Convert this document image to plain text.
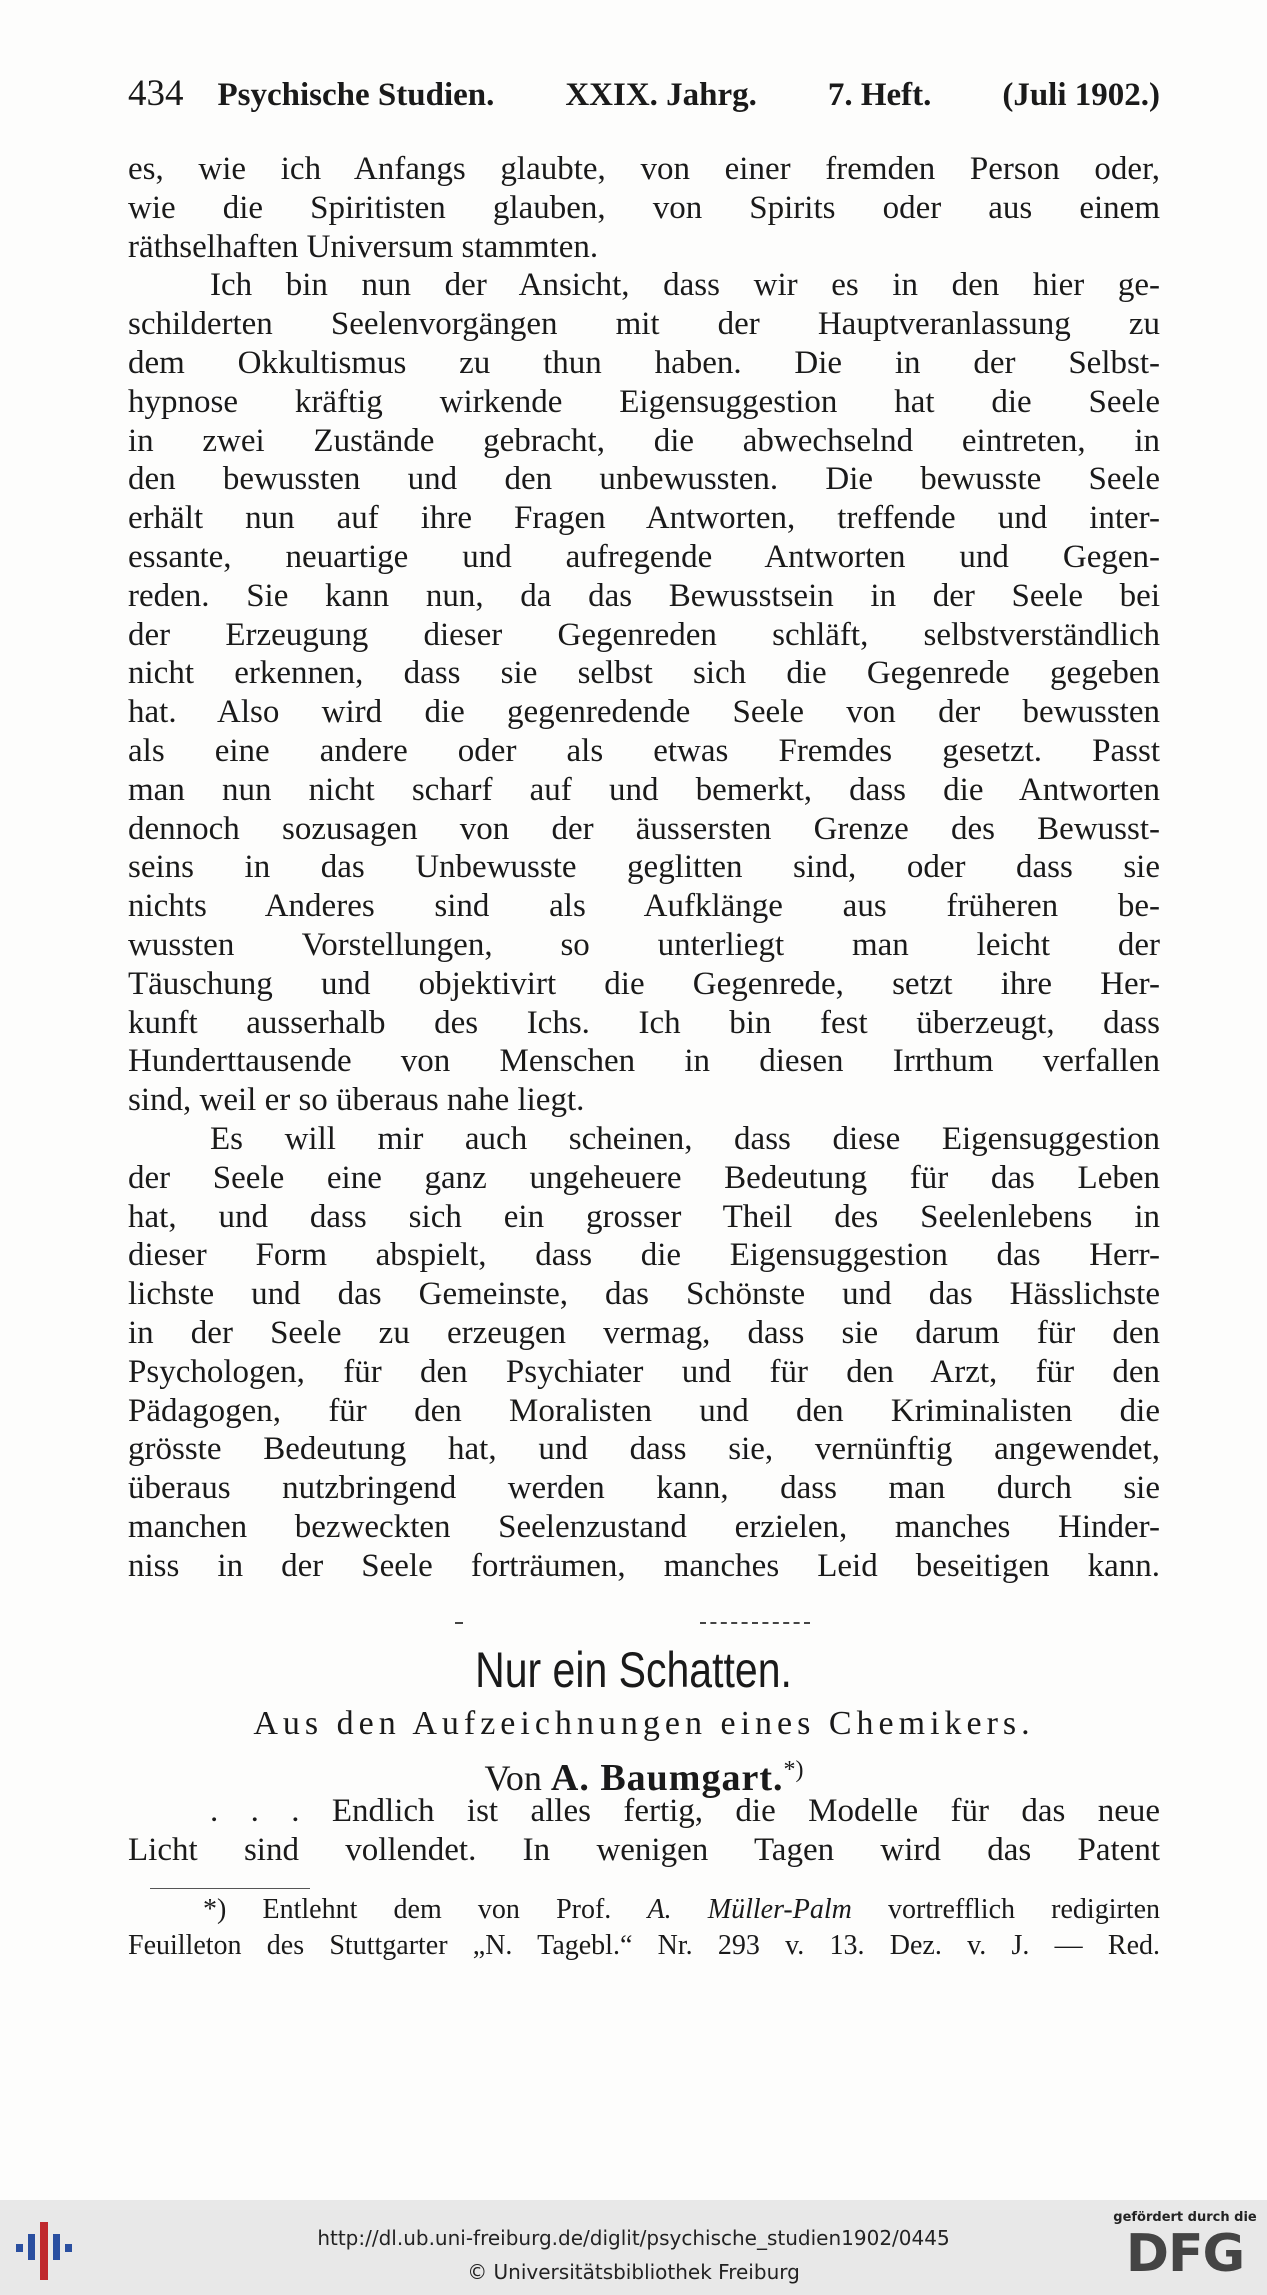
434 Psychische Studien. XXIX. Jahrg. 7. Heft. (Juli 1902.)
es, wie ich Anfangs glaubte, von einer fremden Person oder,
wie die Spiritisten glauben, von Spirits oder aus einem
räthselhaften Universum stammten.
Ich bin nun der Ansicht, dass wir es in den hier ge-
schilderten Seelenvorgängen mit der Hauptveranlassung zu
dem Okkultismus zu thun haben. Die in der Selbst-
hypnose kräftig wirkende Eigensuggestion hat die Seele
in zwei Zustände gebracht, die abwechselnd eintreten, in
den bewussten und den unbewussten. Die bewusste Seele
erhält nun auf ihre Fragen Antworten, treffende und inter-
essante, neuartige und aufregende Antworten und Gegen-
reden. Sie kann nun, da das Bewusstsein in der Seele bei
der Erzeugung dieser Gegenreden schläft, selbstverständlich
nicht erkennen, dass sie selbst sich die Gegenrede gegeben
hat. Also wird die gegenredende Seele von der bewussten
als eine andere oder als etwas Fremdes gesetzt. Passt
man nun nicht scharf auf und bemerkt, dass die Antworten
dennoch sozusagen von der äussersten Grenze des Bewusst-
seins in das Unbewusste geglitten sind, oder dass sie
nichts Anderes sind als Aufklänge aus früheren be-
wussten Vorstellungen, so unterliegt man leicht der
Täuschung und objektivirt die Gegenrede, setzt ihre Her-
kunft ausserhalb des Ichs. Ich bin fest überzeugt, dass
Hunderttausende von Menschen in diesen Irrthum verfallen
sind, weil er so überaus nahe liegt.
Es will mir auch scheinen, dass diese Eigensuggestion
der Seele eine ganz ungeheuere Bedeutung für das Leben
hat, und dass sich ein grosser Theil des Seelenlebens in
dieser Form abspielt, dass die Eigensuggestion das Herr-
lichste und das Gemeinste, das Schönste und das Hässlichste
in der Seele zu erzeugen vermag, dass sie darum für den
Psychologen, für den Psychiater und für den Arzt, für den
Pädagogen, für den Moralisten und den Kriminalisten die
grösste Bedeutung hat, und dass sie, vernünftig angewendet,
überaus nutzbringend werden kann, dass man durch sie
manchen bezweckten Seelenzustand erzielen, manches Hinder-
niss in der Seele forträumen, manches Leid beseitigen kann.
Nur ein Schatten.
Aus den Aufzeichnungen eines Chemikers.
Von A. Baumgart.*)
. . . Endlich ist alles fertig, die Modelle für das neue
Licht sind vollendet. In wenigen Tagen wird das Patent
*) Entlehnt dem von Prof. A. Müller-Palm vortrefflich redigirten
Feuilleton des Stuttgarter „N. Tagebl.“ Nr. 293 v. 13. Dez. v. J. — Red.
http://dl.ub.uni-freiburg.de/diglit/psychische_studien1902/0445
© Universitätsbibliothek Freiburg
gefördert durch die
DFG
